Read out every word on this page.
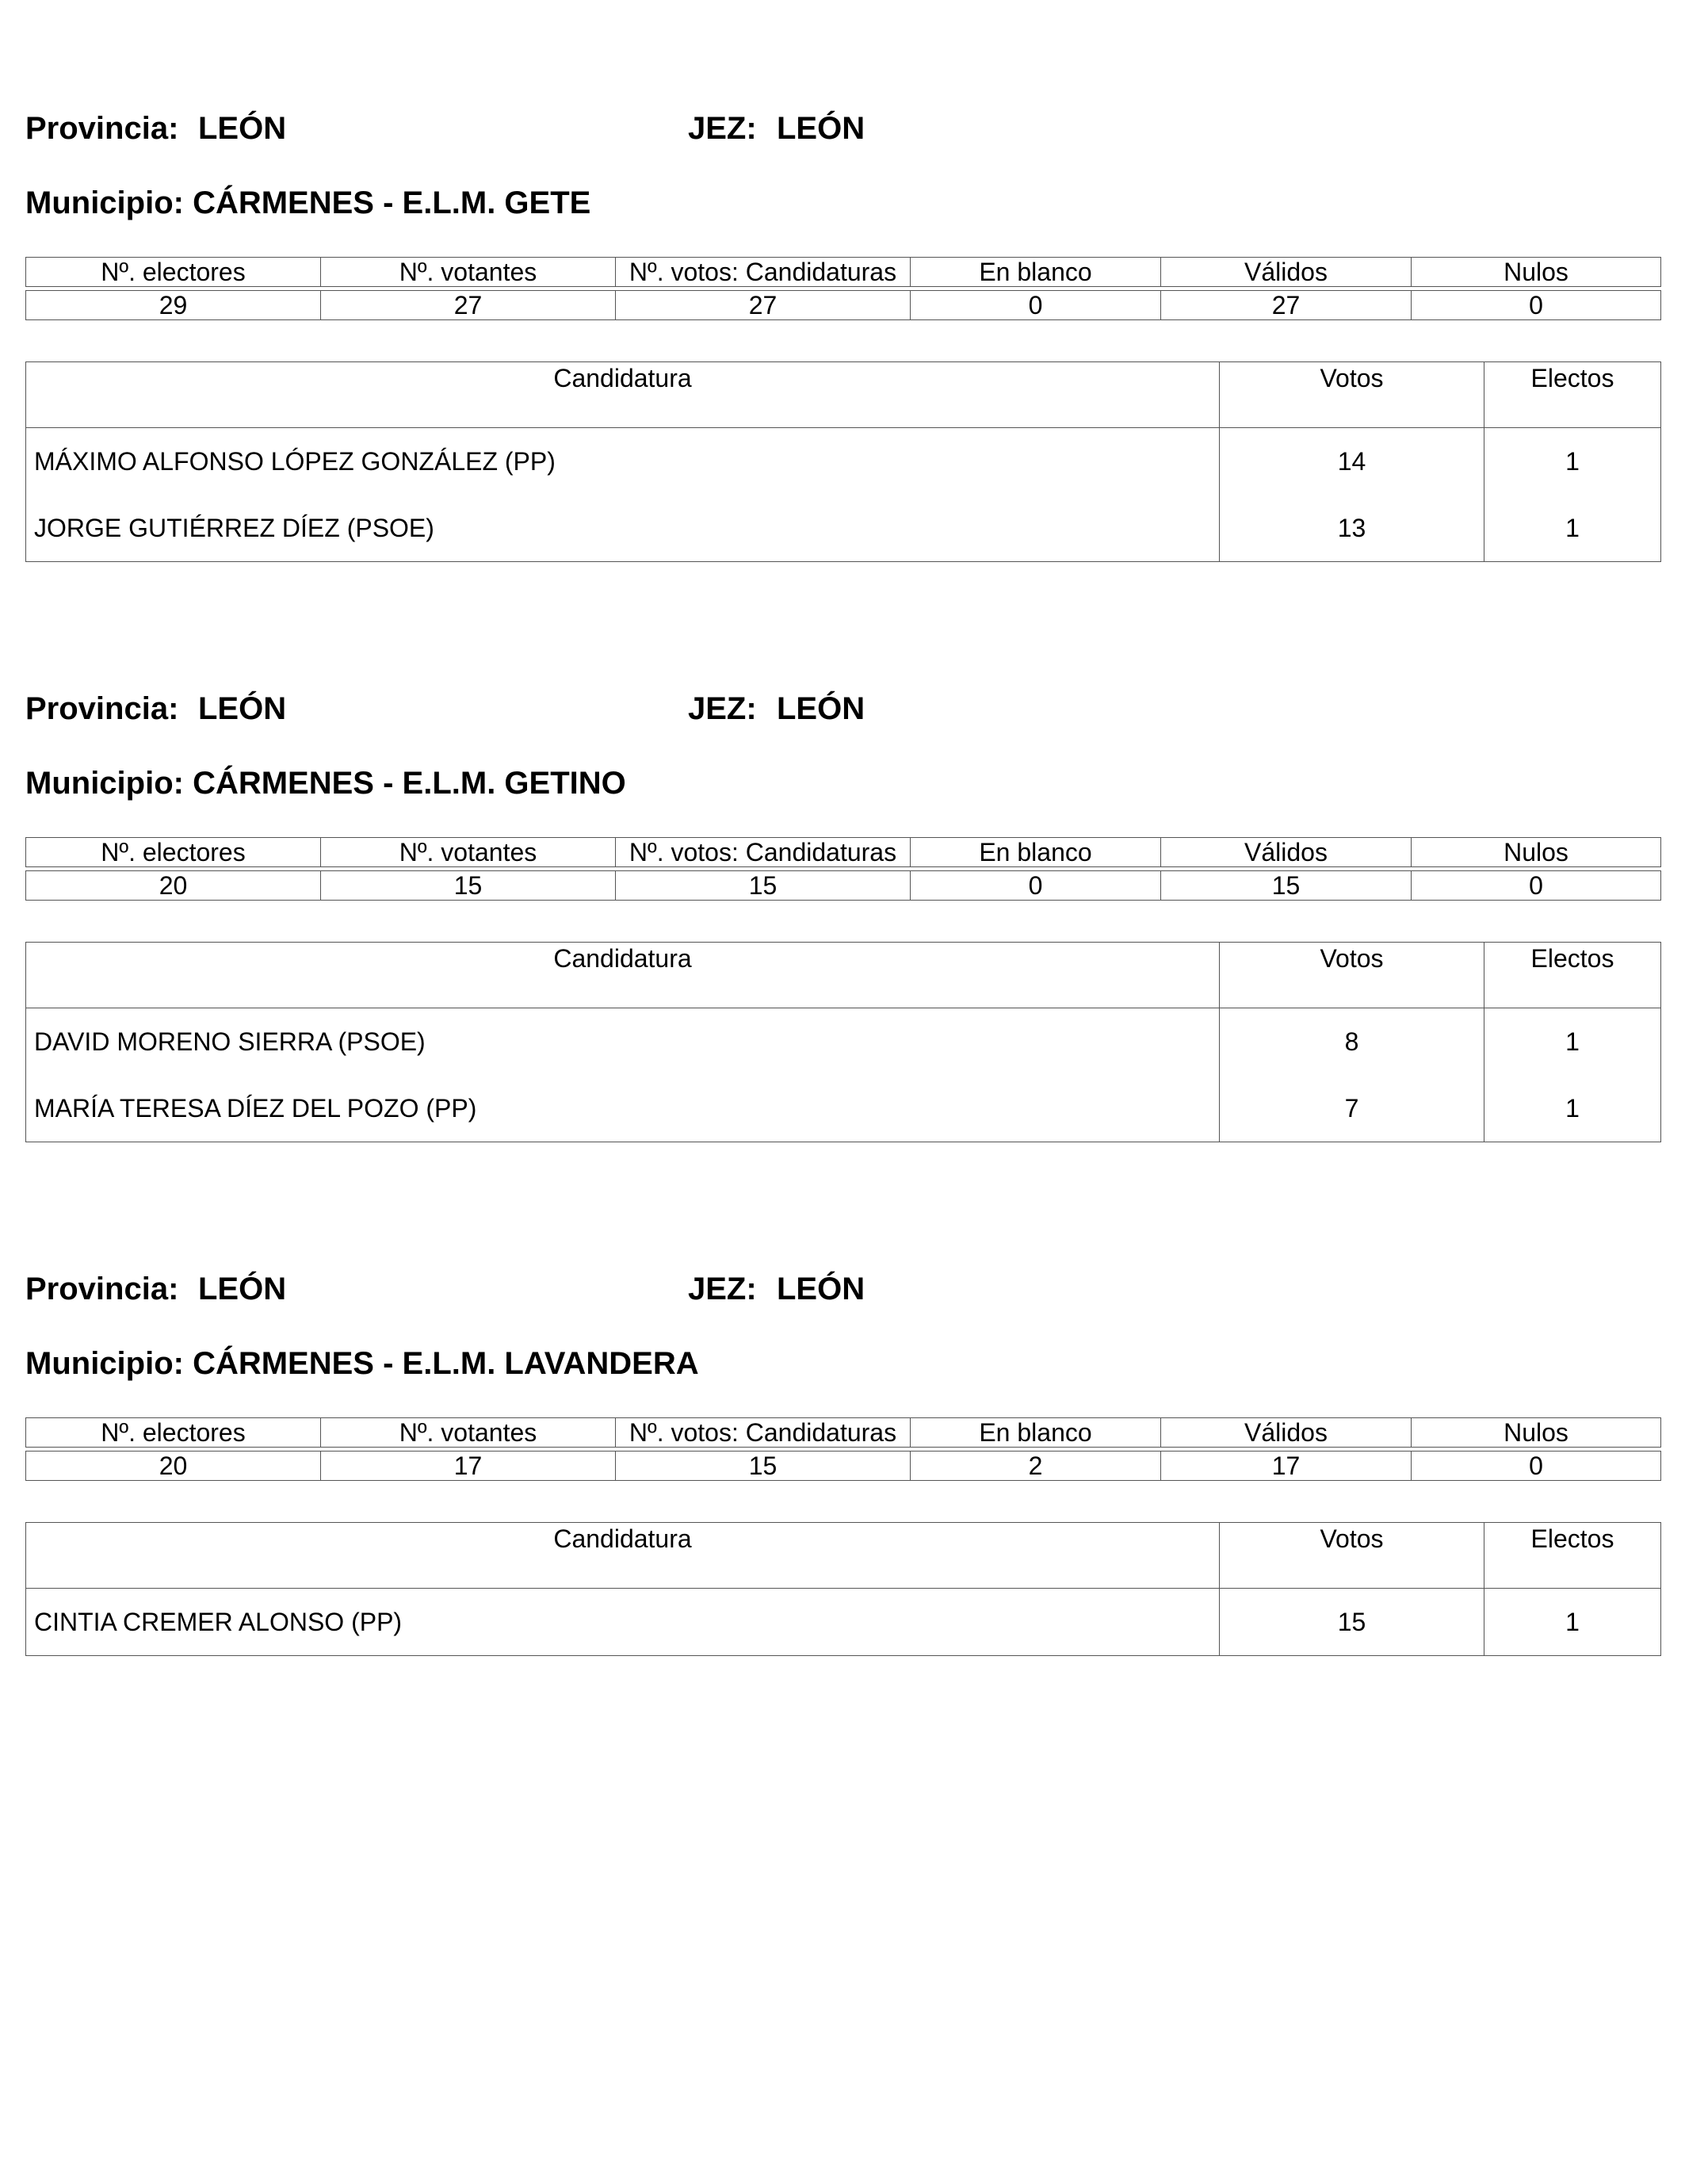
Provincia: LEÓN	JEZ: LEÓN
Municipio: CÁRMENES - E.L.M. GETE
Nº. electores	Nº. votantes	Nº. votos: Candidaturas	En blanco	Válidos	Nulos

29	27	27	0	27	0
Candidatura	Votos	Electos
MÁXIMO ALFONSO LÓPEZ GONZÁLEZ (PP)	14	1
JORGE GUTIÉRREZ DÍEZ (PSOE)	13	1
Provincia: LEÓN	JEZ: LEÓN
Municipio: CÁRMENES - E.L.M. GETINO
Nº. electores	Nº. votantes	Nº. votos: Candidaturas	En blanco	Válidos	Nulos

20	15	15	0	15	0
Candidatura	Votos	Electos
DAVID MORENO SIERRA (PSOE)	8	1
MARÍA TERESA DÍEZ DEL POZO (PP)	7	1
Provincia: LEÓN	JEZ: LEÓN
Municipio: CÁRMENES - E.L.M. LAVANDERA
Nº. electores	Nº. votantes	Nº. votos: Candidaturas	En blanco	Válidos	Nulos

20	17	15	2	17	0
Candidatura	Votos	Electos
CINTIA CREMER ALONSO (PP)	15	1
